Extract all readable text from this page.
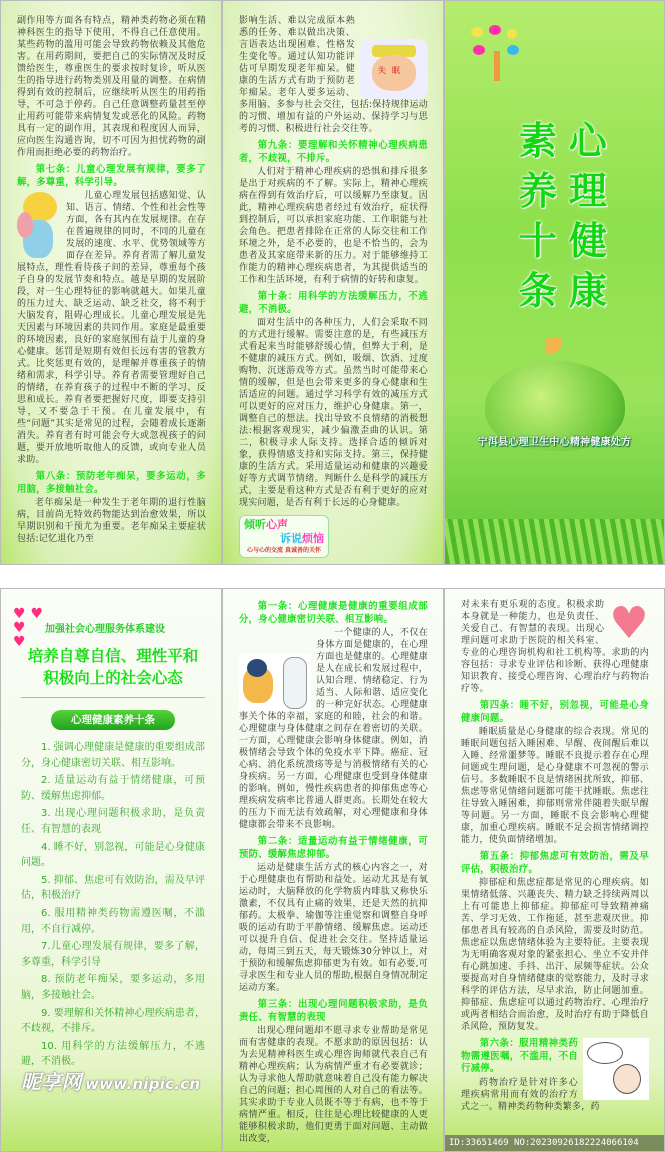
副作用等方面各有特点，精神类药物必须在精神科医生的指导下使用，不得自己任意使用。某些药物的滥用可能会导致药物依赖及其他危害。在用药期间，要把自己的实际情况及时反馈给医生，尊重医生的要求按时复诊，听从医生的指导进行药物类别及用量的调整。在病情得到有效的控制后，应继续听从医生的用药指导，不可急于停药。自己任意调整药量甚至停止用药可能带来病情复发或恶化的风险。药物具有一定的副作用，其表现和程度因人而异，应向医生沟通咨询，切不可因为担忧药物的副作用而拒绝必要的药物治疗。

第七条：儿童心理发展有规律，要多了解，多尊重，科学引导。

儿童心理发展包括感知觉、认知、语言、情绪、个性和社会性等方面，各有其内在发展规律。在存在普遍规律的同时，不同的儿童在发展的速度、水平、优势领域等方面存在差异。养育者需了解儿童发展特点，理性看待孩子间的差异，尊重每个孩子自身的发展节奏和特点。越是早期的发展阶段，对一生心理特征的影响就越大。如果儿童的压力过大、缺乏运动、缺乏社交，将不利于大脑发育，阻碍心理成长。儿童心理发展是先天因素与环境因素的共同作用。家庭是最重要的环境因素，良好的家庭氛围有益于儿童的身心健康。惩罚是短期有效但长远有害的管教方式。比奖惩更有效的，是理解并尊重孩子的情绪和需求，科学引导。养育者需要管理好自己的情绪，在养育孩子的过程中不断的学习、反思和成长。养育者要把握好尺度，即要支持引导，又不要急于干预。在儿童发展中，有些“问题”其实是常见的过程，会随着成长逐渐消失。养育者有时可能会夸大或忽视孩子的问题，要开放地听取他人的反馈，或向专业人员求助。

第八条：预防老年痴呆，要多运动，多用脑，多接触社会。

老年痴呆是一种发生于老年期的退行性脑病，目前尚无特效药物能达到治愈效果，所以早期识别和干预尤为重要。老年痴呆主要症状包括:记忆退化乃至

失眠

影响生活、难以完成原本熟悉的任务、难以做出决策、言语表达出现困难、性格发生变化等。通过认知功能评估可早期发现老年痴呆。健康的生活方式有助于预防老年痴呆。老年人要多运动、多用脑、多参与社会交往，包括:保持规律运动的习惯、增加有益的户外运动、保持学习与思考的习惯、积极进行社会交往等。

第九条：要理解和关怀精神心理疾病患者，不歧视，不排斥。

人们对于精神心理疾病的恐惧和排斥很多是出于对疾病的不了解。实际上，精神心理疾病在得到有效治疗后，可以缓解乃至康复。因此，精神心理疾病患者经过有效治疗，症状得到控制后，可以承担家庭功能、工作职能与社会角色。把患者排除在正常的人际交往和工作环境之外，是不必要的，也是不恰当的，会为患者及其家庭带来新的压力。对于能够维持工作能力的精神心理疾病患者，为其提供适当的工作和生活环境，有利于病情的好转和康复。

第十条：用科学的方法缓解压力，不逃避，不消极。

面对生活中的各种压力，人们会采取不同的方式进行缓解。需要注意的是，有些减压方式看起来当时能够舒缓心情，但弊大于利，是不健康的减压方式。例如，吸烟、饮酒、过度购物、沉迷游戏等方式。虽然当时可能带来心情的缓解，但是也会带来更多的身心健康和生活适应的问题。通过学习科学有效的减压方式可以更好的应对压力，维护心身健康。第一，调整自己的想法。找出导致不良情绪的消极想法:根据客观现实，减少偏激歪曲的认识。第二，积极寻求人际支持。选择合适的倾诉对象，获得情感支持和实际支持。第三，保持健康的生活方式。采用适量运动和健康的兴趣爱好等方式调节情绪。判断什么是科学的减压方式，主要是看这种方式是否有利于更好的应对现实问题，是否有利于长远的心身健康。

倾听心声
诉说烦恼
心与心的交流 真诚善的关怀
素 心
养 理
十 健
条 康
宁洱县心理卫生中心精神健康处方
♥ ♥
♥
♥
加强社会心理服务体系建设
培养自尊自信、理性平和
积极向上的社会心态
心理健康素养十条

1. 强调心理健康是健康的重要组成部分，身心健康密切关联、相互影响。

2. 适量运动有益于情绪健康，可预防、缓解焦虑抑郁。

3. 出现心理问题积极求助，是负责任、有智慧的表现

4. 睡不好，别忽视，可能是心身健康问题。

5. 抑郁、焦虑可有效防治，需及早评估，积极治疗

6. 服用精神类药物需遵医嘱，不滥用，不自行减停。

7.儿童心理发展有规律，要多了解，多尊重，科学引导

8. 预防老年痴呆，要多运动，多用脑，多接触社会。

9. 要理解和关怀精神心理疾病患者，不歧视，不排斥。

10. 用科学的方法缓解压力，不逃避，不消极。

昵享网 www.nipic.cn
第一条：心理健康是健康的重要组成部分，身心健康密切关联、相互影响。

一个健康的人，不仅在身体方面是健康的，在心理方面也是健康的。心理健康是人在成长和发展过程中，认知合理、情绪稳定、行为适当、人际和谐、适应变化的一种完好状态。心理健康事关个体的幸福，家庭的和睦，社会的和谐。心理健康与身体健康之间存在着密切的关联。一方面，心理健康会影响身体健康。例如，消极情绪会导致个体的免疫水平下降。癌症、冠心病、消化系统溃疡等是与消极情绪有关的心身疾病。另一方面，心理健康也受到身体健康的影响。例如，慢性疾病患者的抑郁焦虑等心理疾病发病率比普通人群更高。长期处在较大的压力下而无法有效疏解，对心理健康和身体健康都会带来不良影响。

第二条：适量运动有益于情绪健康，可预防、缓解焦虑抑郁。

运动是健康生活方式的核心内容之一，对于心理健康也有帮助和益处。运动尤其是有氧运动时，大脑释放的化学物质内啡肽又称快乐激素，不仅具有止痛的效果，还是天然的抗抑郁药。太极拳、瑜伽等注重觉察和调整自身呼吸的运动有助于平静情绪、缓解焦虑。运动还可以提升自信、促进社会交往。坚持适量运动，每周三到五天，每天锻炼30分钟以上，对于预防和缓解焦虑抑郁更为有效。如有必要,可寻求医生和专业人员的帮助,根据自身情况制定运动方案。

第三条：出现心理问题积极求助，是负责任、有智慧的表现

出现心理问题却不愿寻求专业帮助是常见而有害健康的表现。不愿求助的原因包括：认为去见精神科医生或心理咨询师就代表自己有精神心理疾病；认为病情严重才有必要就诊；认为寻求他人帮助就意味着自己没有能力解决自己的问题；担心周围的人对自己的看法等。其实求助于专业人员既不等于有病，也不等于病情严重。相反，往往是心理比较健康的人更能够积极求助，他们更勇于面对问题、主动做出改变，

♥

对未来有更乐观的态度。积极求助本身就是一种能力，也是负责任、关爱自己、有智慧的表现。出现心理问题可求助于医院的相关科室、专业的心理咨询机构和社工机构等。求助的内容包括：寻求专业评估和诊断、获得心理健康知识教育、接受心理咨询、心理治疗与药物治疗等。

第四条：睡不好，别忽视，可能是心身健康问题。

睡眠质量是心身健康的综合表现。常见的睡眠问题包括入睡困难、早醒、夜间醒后难以入睡、经常噩梦等。睡眠不良提示着存在心理问题或生理问题，是心身健康不可忽视的警示信号。多数睡眠不良是情绪困扰所致，抑郁、焦虑等常见情绪问题都可能干扰睡眠。焦虑往往导致入睡困难，抑郁则常常伴随着失眠早醒等问题。另一方面，睡眠不良会影响心理健康，加重心理疾病。睡眠不足会损害情绪调控能力，使负面情绪增加。

第五条：抑郁焦虑可有效防治，需及早评估，积极治疗。

抑郁症和焦虑症都是常见的心理疾病。如果情绪低落、兴趣丧失、精力缺乏持续两周以上有可能患上抑郁症。抑郁症可导致精神痛苦、学习无效、工作拖延，甚至悲观厌世。抑郁患者具有较高的自杀风险，需要及时防范。焦虑症以焦虑情绪体验为主要特征。主要表现为无明确客观对象的紧张担心、坐立不安并伴有心跳加速、手抖、出汗、尿频等症状。公众要提高对自身情绪健康的觉察能力，及时寻求科学的评估方法，尽早求治，防止问题加重。抑郁症、焦虑症可以通过药物治疗、心理治疗或两者相结合而治愈，及时治疗有助于降低自杀风险，预防复发。

第六条：服用精神类药物需遵医嘱，不滥用，不自行减停。

药物治疗是针对许多心理疾病常用而有效的治疗方式之一。精神类药物种类繁多，药

ID:33651469 NO:20230926182224066104
